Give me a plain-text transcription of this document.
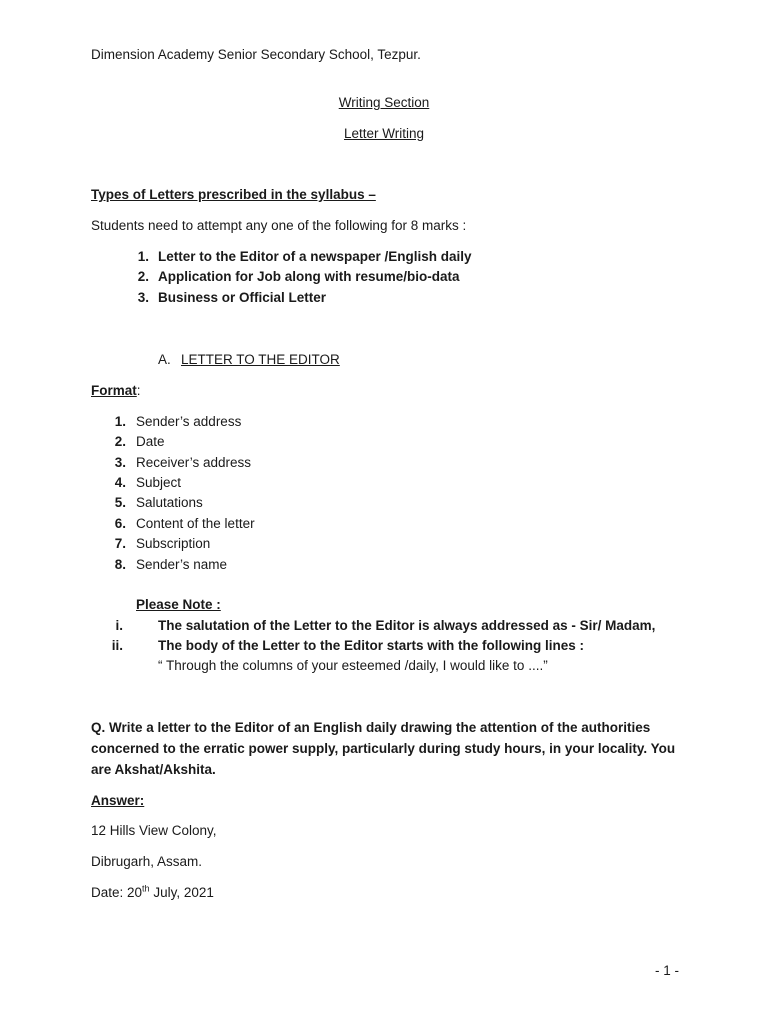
Dimension Academy Senior Secondary School, Tezpur.
Writing Section
Letter Writing
Types of Letters prescribed in the syllabus –
Students need to attempt any one of the following for 8 marks :
1. Letter to the Editor of a newspaper /English daily
2. Application for Job along with resume/bio-data
3. Business or Official Letter
A. LETTER TO THE EDITOR
Format:
1. Sender’s address
2. Date
3. Receiver’s address
4. Subject
5. Salutations
6. Content of the letter
7. Subscription
8. Sender’s name
Please Note :
i.	The salutation of the Letter to the Editor is always addressed as - Sir/ Madam,
ii.	The body of the Letter to the Editor starts with the following lines :
“ Through the columns of your esteemed /daily, I would like to ....”
Q. Write a letter to the Editor of an English daily drawing the attention of the authorities
concerned to the erratic power supply, particularly during study hours, in your locality. You
are Akshat/Akshita.
Answer:
12 Hills View Colony,
Dibrugarh, Assam.
Date: 20th July, 2021
- 1 -
